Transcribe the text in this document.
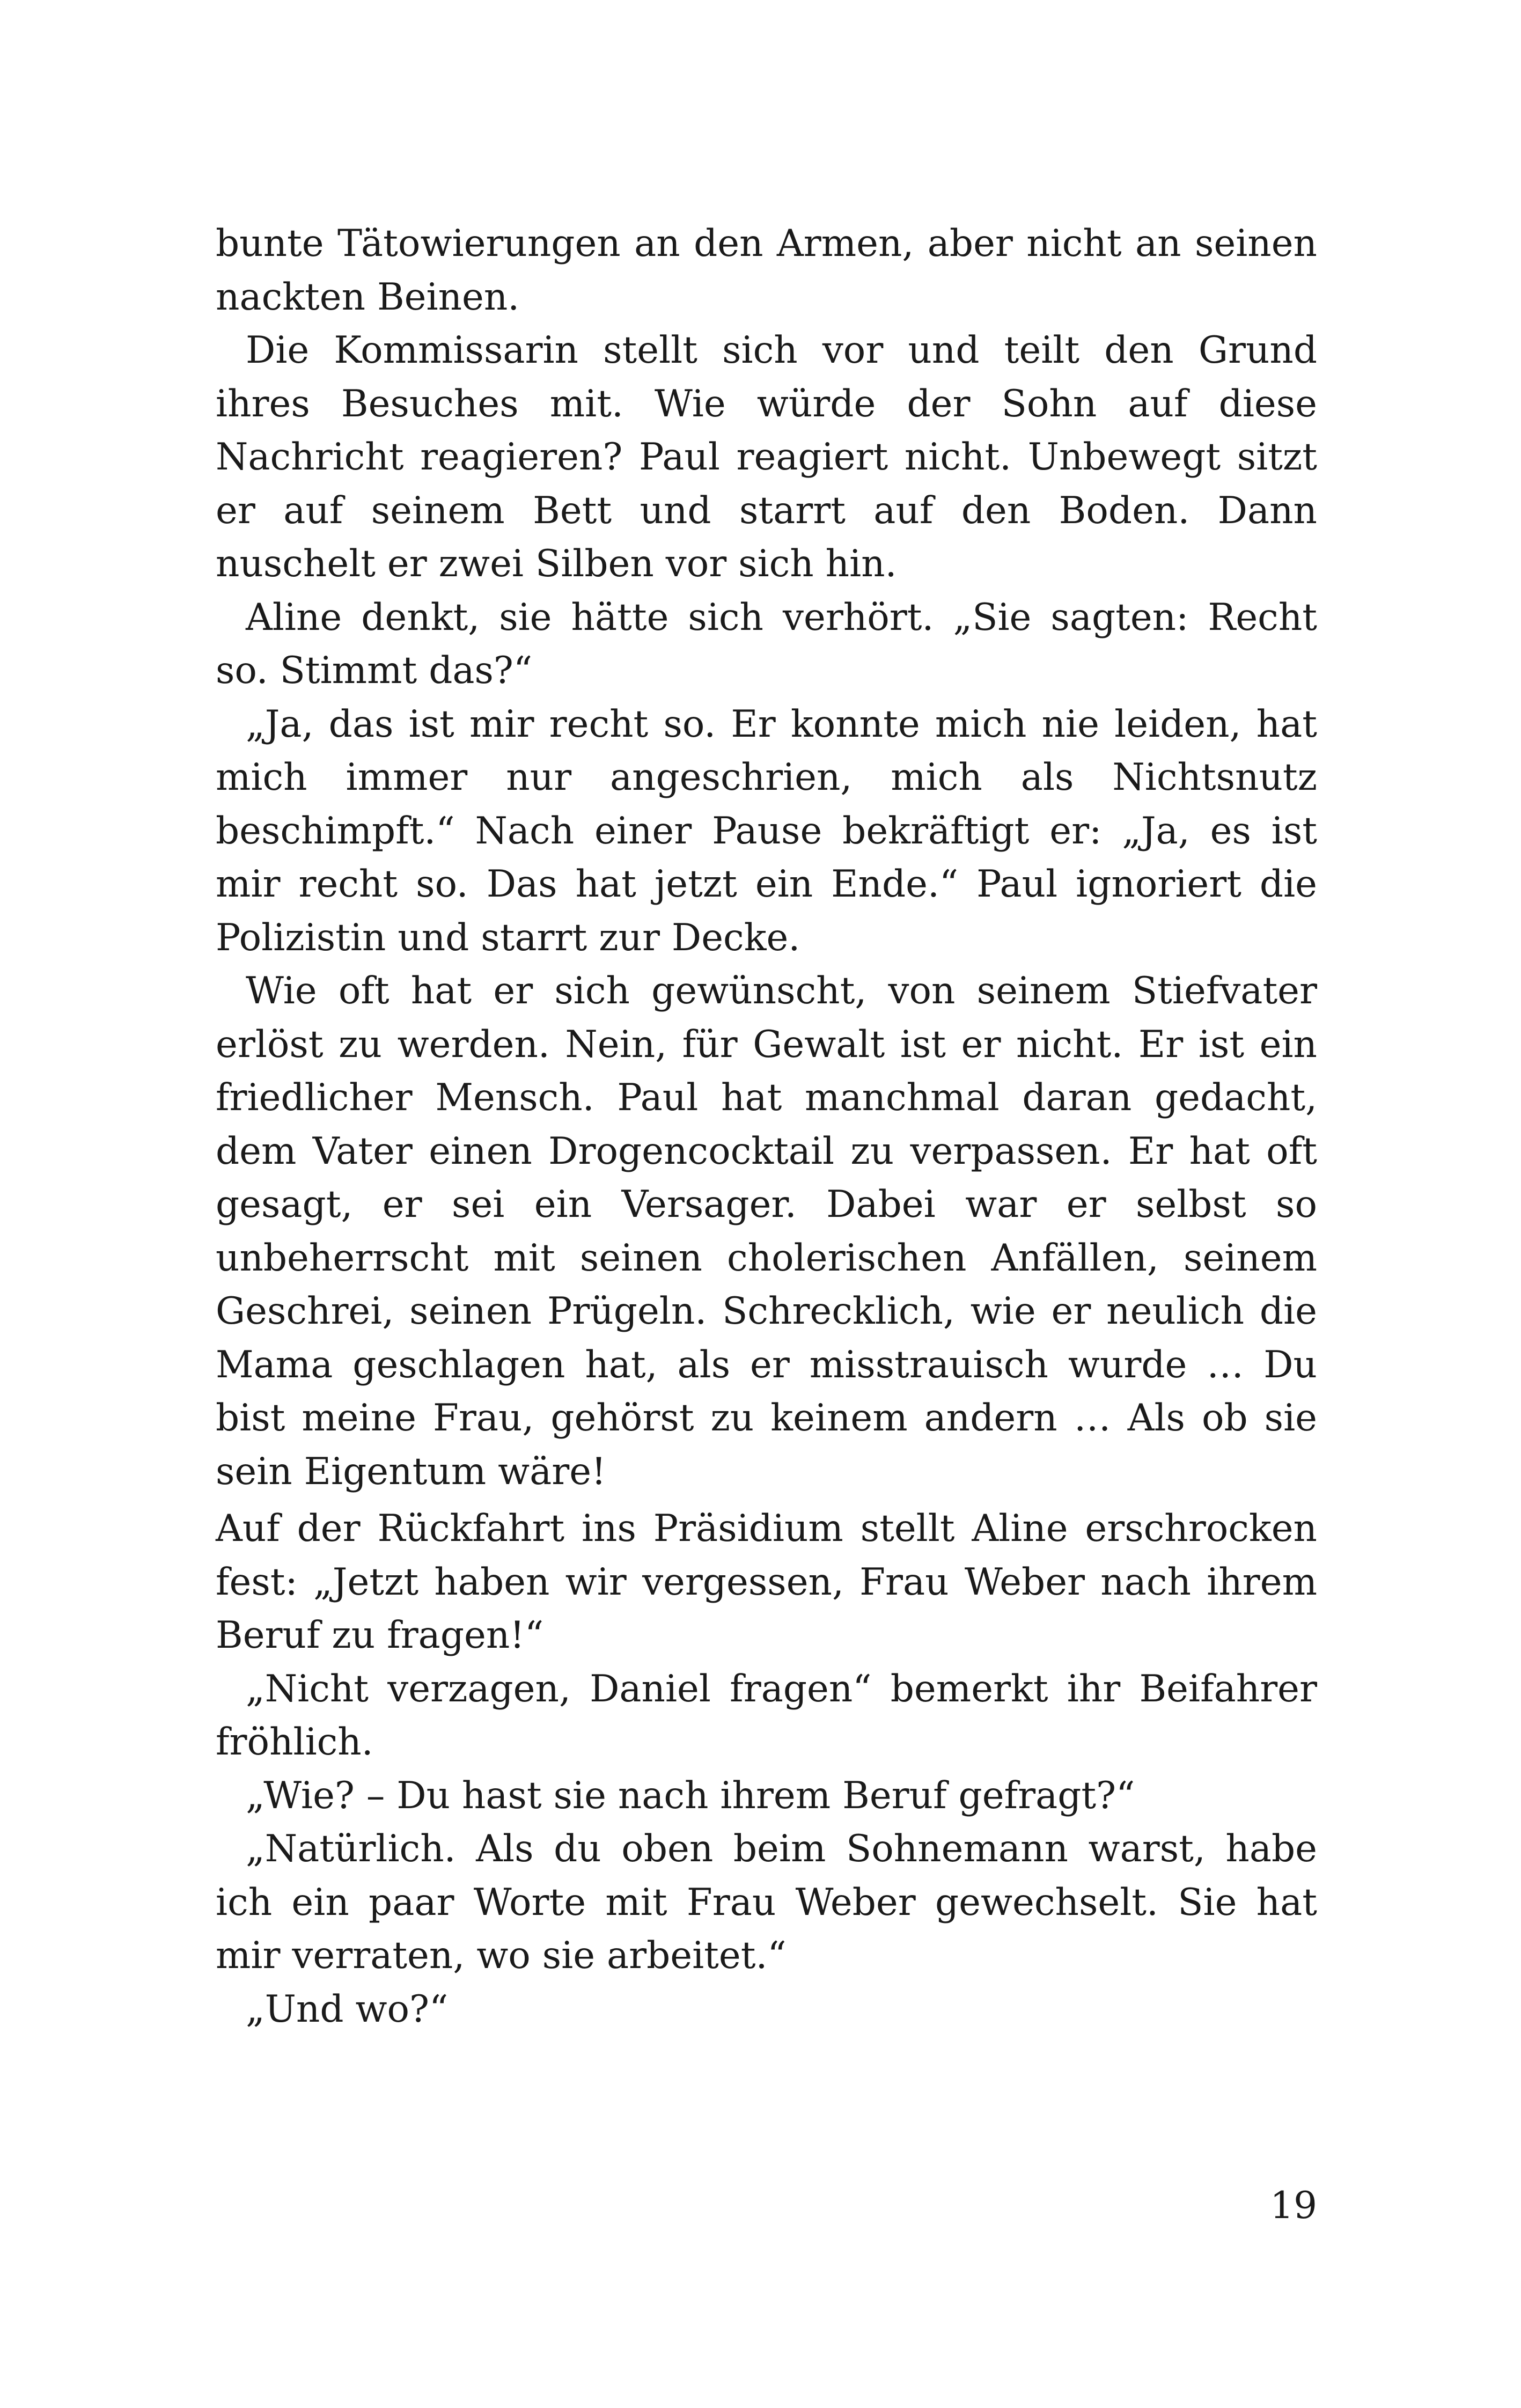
bunte Tätowierungen an den Armen, aber nicht an seinen nackten Beinen.

Die Kommissarin stellt sich vor und teilt den Grund ihres Besuches mit. Wie würde der Sohn auf diese Nachricht reagieren? Paul reagiert nicht. Unbewegt sitzt er auf seinem Bett und starrt auf den Boden. Dann nuschelt er zwei Silben vor sich hin.

Aline denkt, sie hätte sich verhört. „Sie sagten: Recht so. Stimmt das?“

„Ja, das ist mir recht so. Er konnte mich nie leiden, hat mich immer nur angeschrien, mich als Nichtsnutz beschimpft.“ Nach einer Pause bekräftigt er: „Ja, es ist mir recht so. Das hat jetzt ein Ende.“ Paul ignoriert die Polizistin und starrt zur Decke.

Wie oft hat er sich gewünscht, von seinem Stiefvater erlöst zu werden. Nein, für Gewalt ist er nicht. Er ist ein friedlicher Mensch. Paul hat manchmal daran gedacht, dem Vater einen Drogencocktail zu verpassen. Er hat oft gesagt, er sei ein Versager. Dabei war er selbst so unbeherrscht mit seinen cholerischen Anfällen, seinem Geschrei, seinen Prügeln. Schrecklich, wie er neulich die Mama geschlagen hat, als er misstrauisch wurde … Du bist meine Frau, gehörst zu keinem andern … Als ob sie sein Eigentum wäre!

Auf der Rückfahrt ins Präsidium stellt Aline erschrocken fest: „Jetzt haben wir vergessen, Frau Weber nach ihrem Beruf zu fragen!“

„Nicht verzagen, Daniel fragen“ bemerkt ihr Beifahrer fröhlich.

„Wie? – Du hast sie nach ihrem Beruf gefragt?“

„Natürlich. Als du oben beim Sohnemann warst, habe ich ein paar Worte mit Frau Weber gewechselt. Sie hat mir verraten, wo sie arbeitet.“

„Und wo?“

19
